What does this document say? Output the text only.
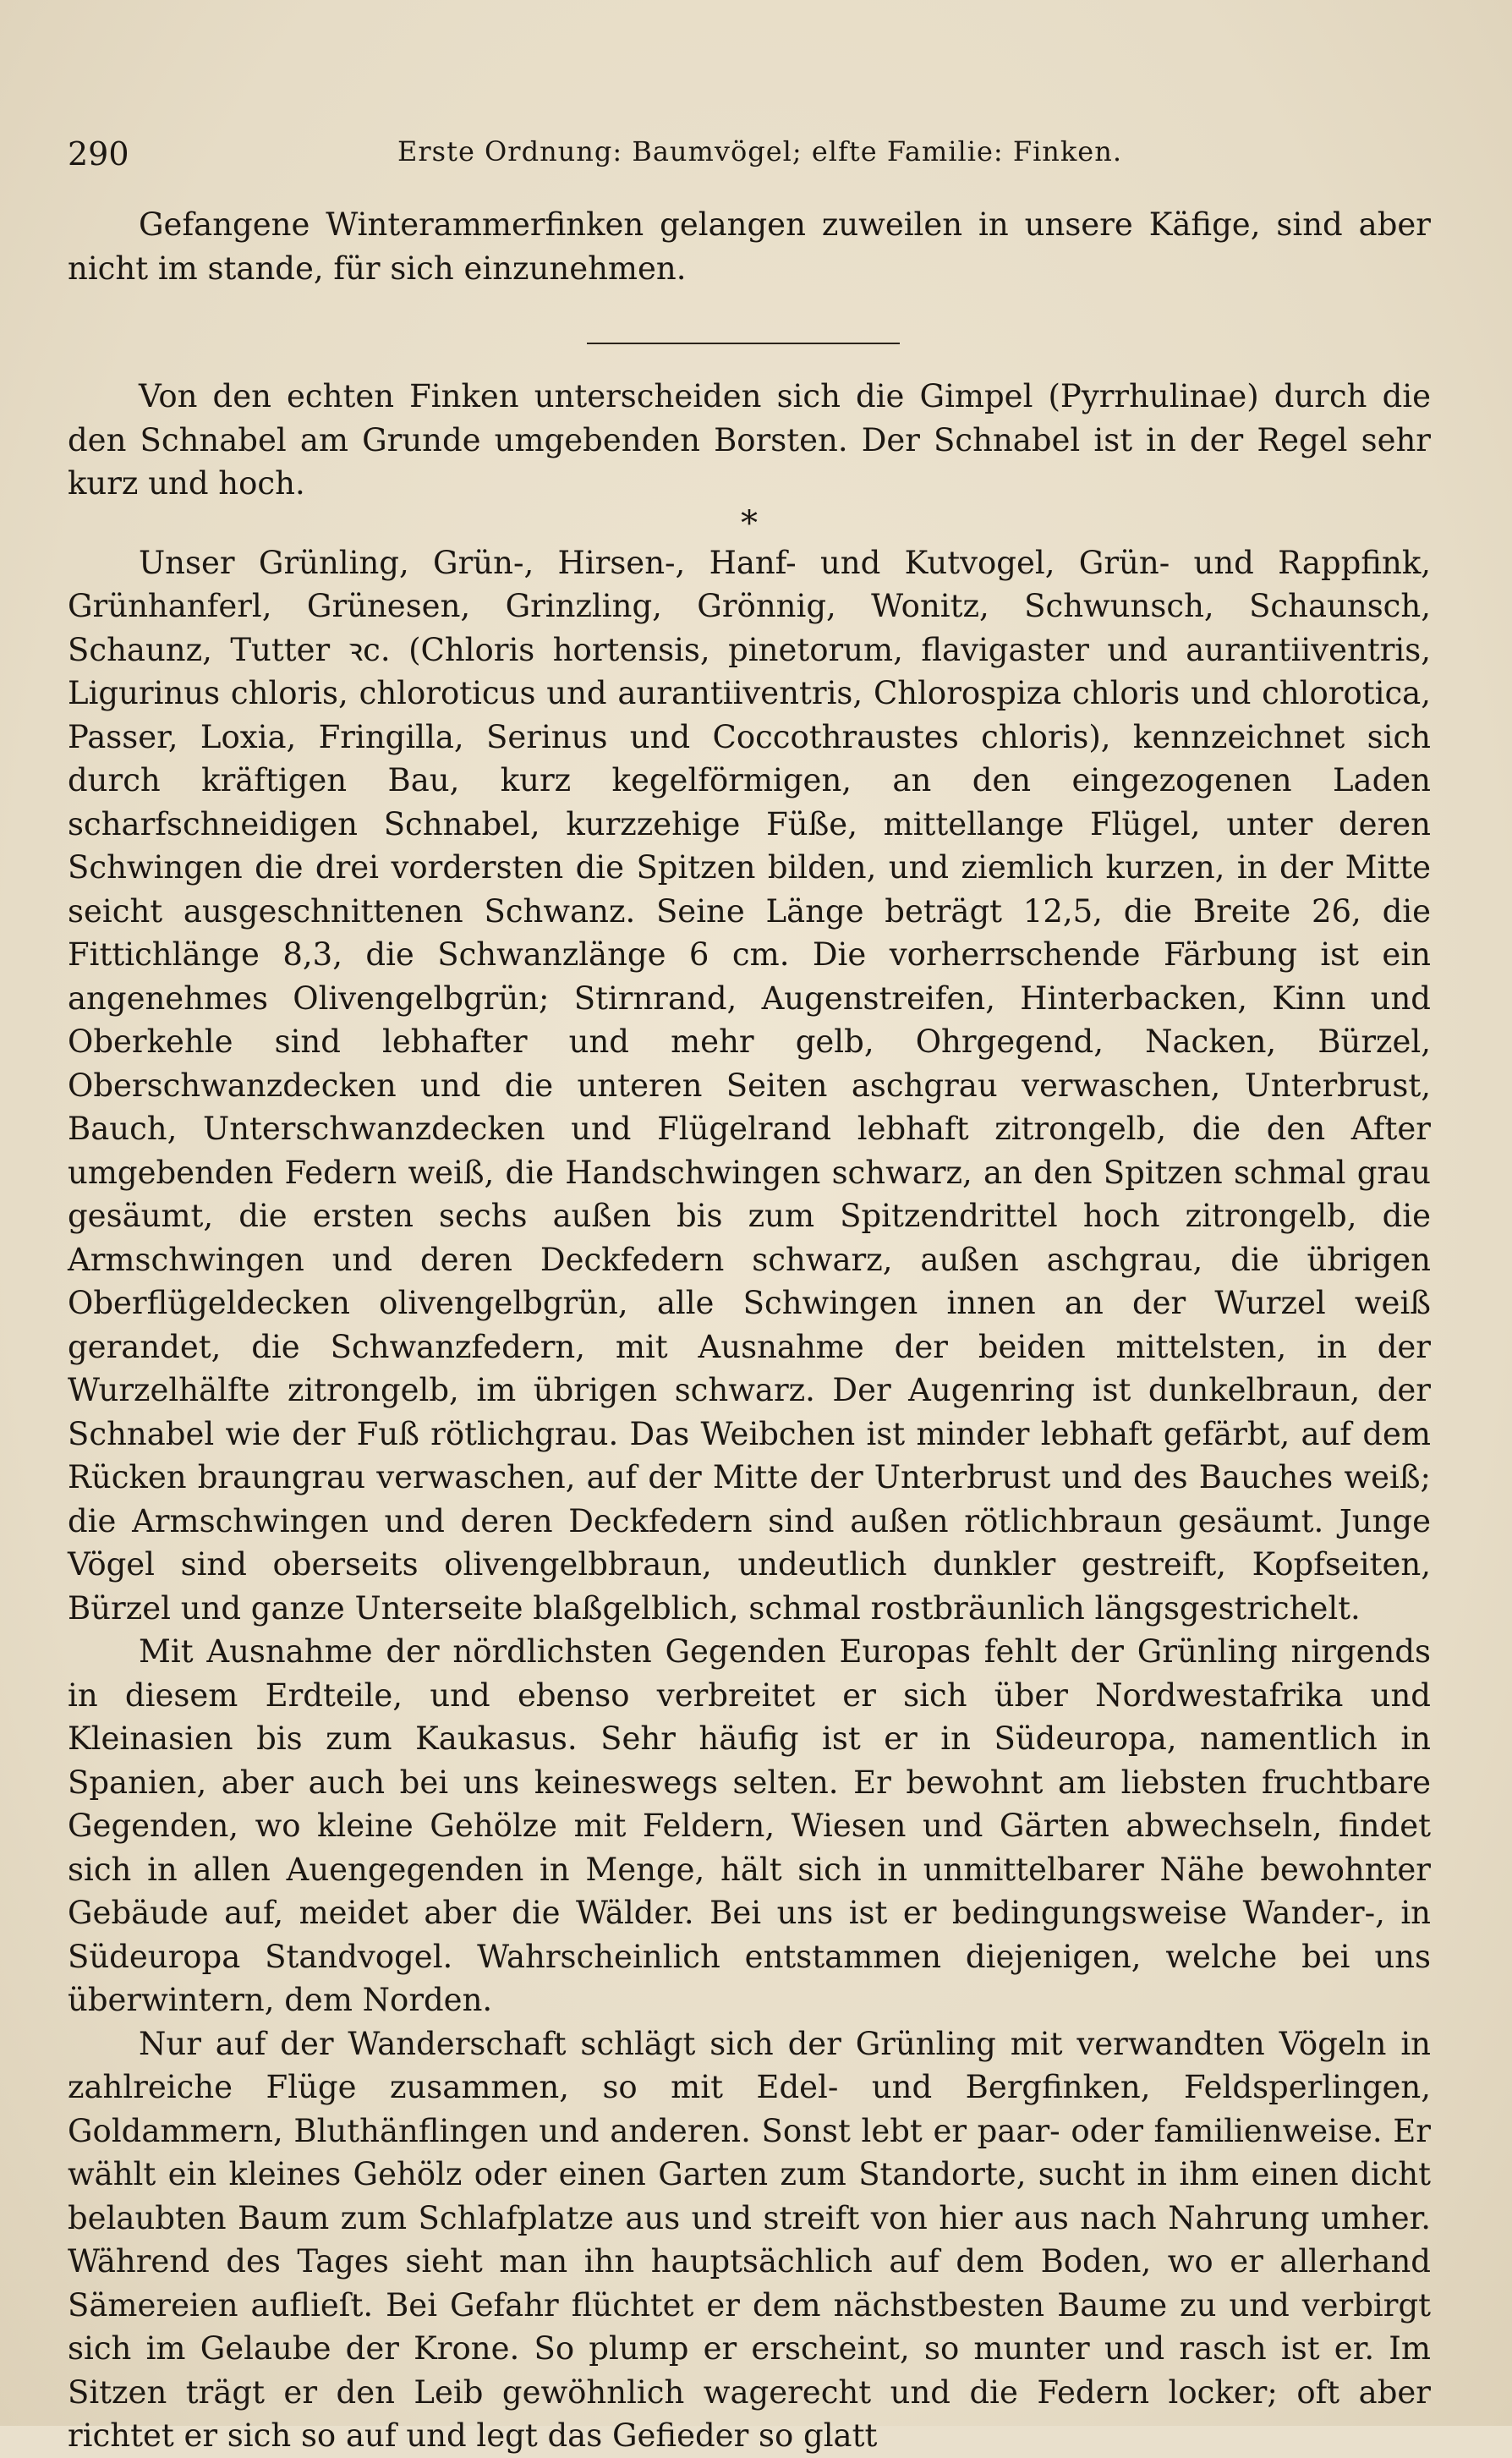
290	Erste Ordnung: Baumvögel; elfte Familie: Finken.

Gefangene Winterammerfinken gelangen zuweilen in unsere Käfige, sind aber nicht im stande, für sich einzunehmen.

Von den echten Finken unterscheiden sich die Gimpel (Pyrrhulinae) durch die den Schnabel am Grunde umgebenden Borsten. Der Schnabel ist in der Regel sehr kurz und hoch.

*

Unser Grünling, Grün-, Hirsen-, Hanf- und Kutvogel, Grün- und Rappfink, Grünhanferl, Grünesen, Grinzling, Grönnig, Wonitz, Schwunsch, Schaunsch, Schaunz, Tutter ꝛc. (Chloris hortensis, pinetorum, flavigaster und aurantiiventris, Ligurinus chloris, chloroticus und aurantiiventris, Chlorospiza chloris und chlorotica, Passer, Loxia, Fringilla, Serinus und Coccothraustes chloris), kennzeichnet sich durch kräftigen Bau, kurz kegelförmigen, an den eingezogenen Laden scharfschneidigen Schnabel, kurzzehige Füße, mittellange Flügel, unter deren Schwingen die drei vordersten die Spitzen bilden, und ziemlich kurzen, in der Mitte seicht ausgeschnittenen Schwanz. Seine Länge beträgt 12,5, die Breite 26, die Fittichlänge 8,3, die Schwanzlänge 6 cm. Die vorherrschende Färbung ist ein angenehmes Olivengelbgrün; Stirnrand, Augenstreifen, Hinterbacken, Kinn und Oberkehle sind lebhafter und mehr gelb, Ohrgegend, Nacken, Bürzel, Oberschwanzdecken und die unteren Seiten aschgrau verwaschen, Unterbrust, Bauch, Unterschwanzdecken und Flügelrand lebhaft zitrongelb, die den After umgebenden Federn weiß, die Handschwingen schwarz, an den Spitzen schmal grau gesäumt, die ersten sechs außen bis zum Spitzendrittel hoch zitrongelb, die Armschwingen und deren Deckfedern schwarz, außen aschgrau, die übrigen Oberflügeldecken olivengelbgrün, alle Schwingen innen an der Wurzel weiß gerandet, die Schwanzfedern, mit Ausnahme der beiden mittelsten, in der Wurzelhälfte zitrongelb, im übrigen schwarz. Der Augenring ist dunkelbraun, der Schnabel wie der Fuß rötlichgrau. Das Weibchen ist minder lebhaft gefärbt, auf dem Rücken braungrau verwaschen, auf der Mitte der Unterbrust und des Bauches weiß; die Armschwingen und deren Deckfedern sind außen rötlichbraun gesäumt. Junge Vögel sind oberseits olivengelbbraun, undeutlich dunkler gestreift, Kopfseiten, Bürzel und ganze Unterseite blaßgelblich, schmal rostbräunlich längsgestrichelt.

Mit Ausnahme der nördlichsten Gegenden Europas fehlt der Grünling nirgends in diesem Erdteile, und ebenso verbreitet er sich über Nordwestafrika und Kleinasien bis zum Kaukasus. Sehr häufig ist er in Südeuropa, namentlich in Spanien, aber auch bei uns keineswegs selten. Er bewohnt am liebsten fruchtbare Gegenden, wo kleine Gehölze mit Feldern, Wiesen und Gärten abwechseln, findet sich in allen Auengegenden in Menge, hält sich in unmittelbarer Nähe bewohnter Gebäude auf, meidet aber die Wälder. Bei uns ist er bedingungsweise Wander-, in Südeuropa Standvogel. Wahrscheinlich entstammen diejenigen, welche bei uns überwintern, dem Norden.

Nur auf der Wanderschaft schlägt sich der Grünling mit verwandten Vögeln in zahlreiche Flüge zusammen, so mit Edel- und Bergfinken, Feldsperlingen, Goldammern, Bluthänflingen und anderen. Sonst lebt er paar- oder familienweise. Er wählt ein kleines Gehölz oder einen Garten zum Standorte, sucht in ihm einen dicht belaubten Baum zum Schlafplatze aus und streift von hier aus nach Nahrung umher. Während des Tages sieht man ihn hauptsächlich auf dem Boden, wo er allerhand Sämereien auflieſt. Bei Gefahr flüchtet er dem nächstbesten Baume zu und verbirgt sich im Gelaube der Krone. So plump er erscheint, so munter und rasch ist er. Im Sitzen trägt er den Leib gewöhnlich wagerecht und die Federn locker; oft aber richtet er sich so auf und legt das Gefieder so glatt
